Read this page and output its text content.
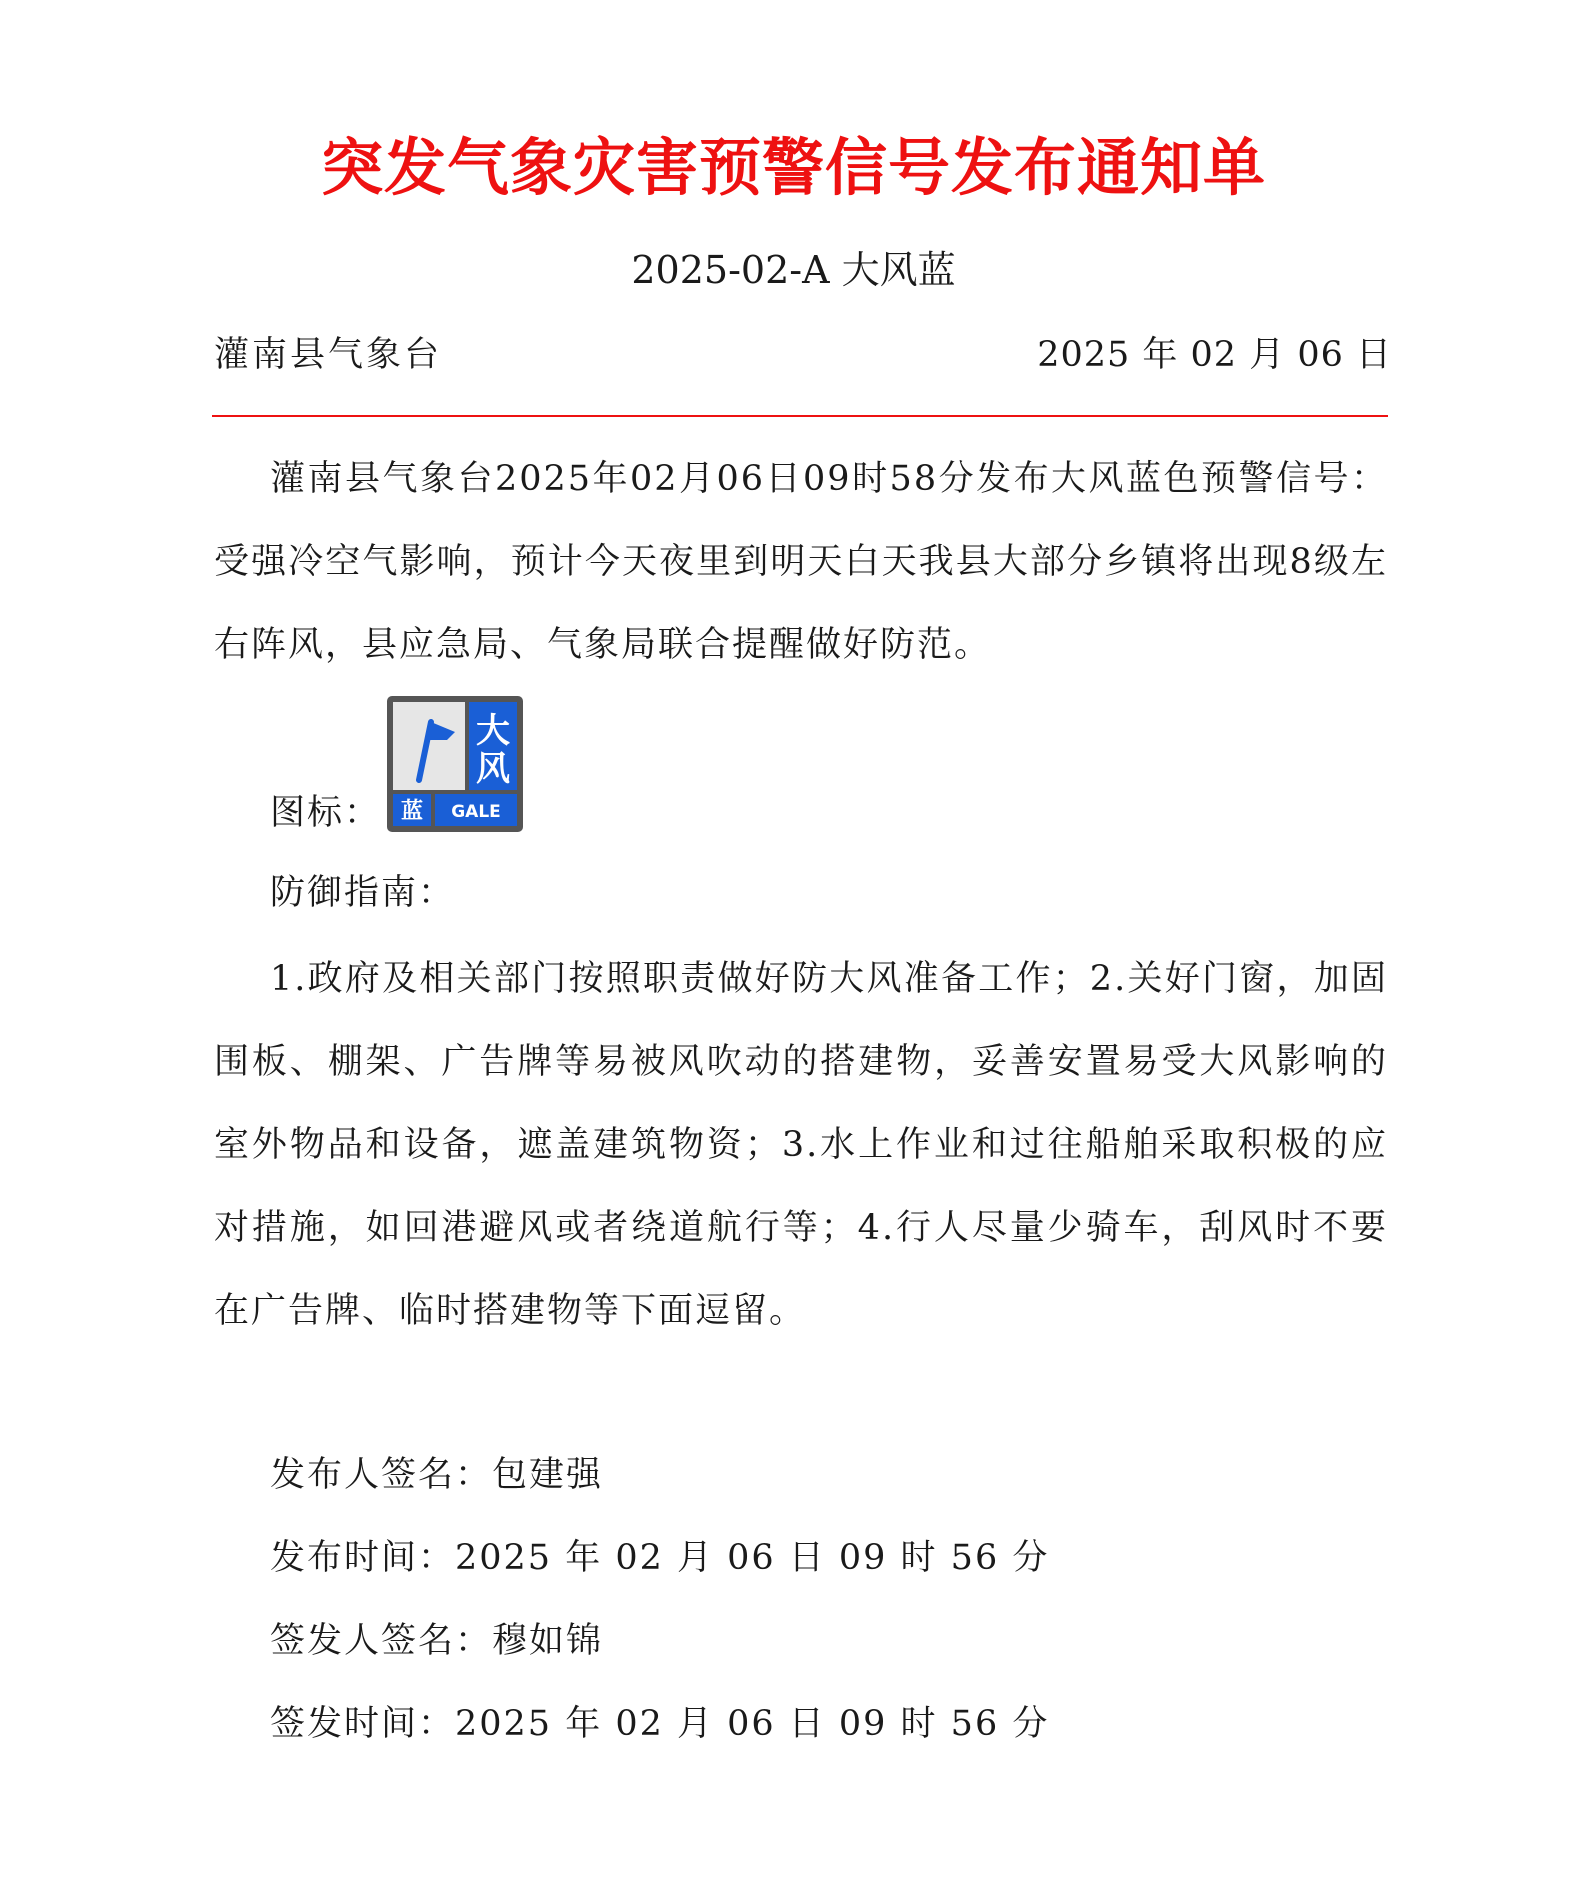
突发气象灾害预警信号发布通知单
2025-02-A 大风蓝
灌南县气象台	2025 年 02 月 06 日

灌南县气象台2025年02月06日09时58分发布大风蓝色预警信号：受强冷空气影响，预计今天夜里到明天白天我县大部分乡镇将出现8级左右阵风，县应急局、气象局联合提醒做好防范。

图标：
大
风
蓝 GALE
防御指南：

1.政府及相关部门按照职责做好防大风准备工作；2.关好门窗，加固围板、棚架、广告牌等易被风吹动的搭建物，妥善安置易受大风影响的室外物品和设备，遮盖建筑物资；3.水上作业和过往船舶采取积极的应对措施，如回港避风或者绕道航行等；4.行人尽量少骑车，刮风时不要在广告牌、临时搭建物等下面逗留。

发布人签名：包建强
发布时间：2025 年 02 月 06 日 09 时 56 分
签发人签名：穆如锦
签发时间：2025 年 02 月 06 日 09 时 56 分
